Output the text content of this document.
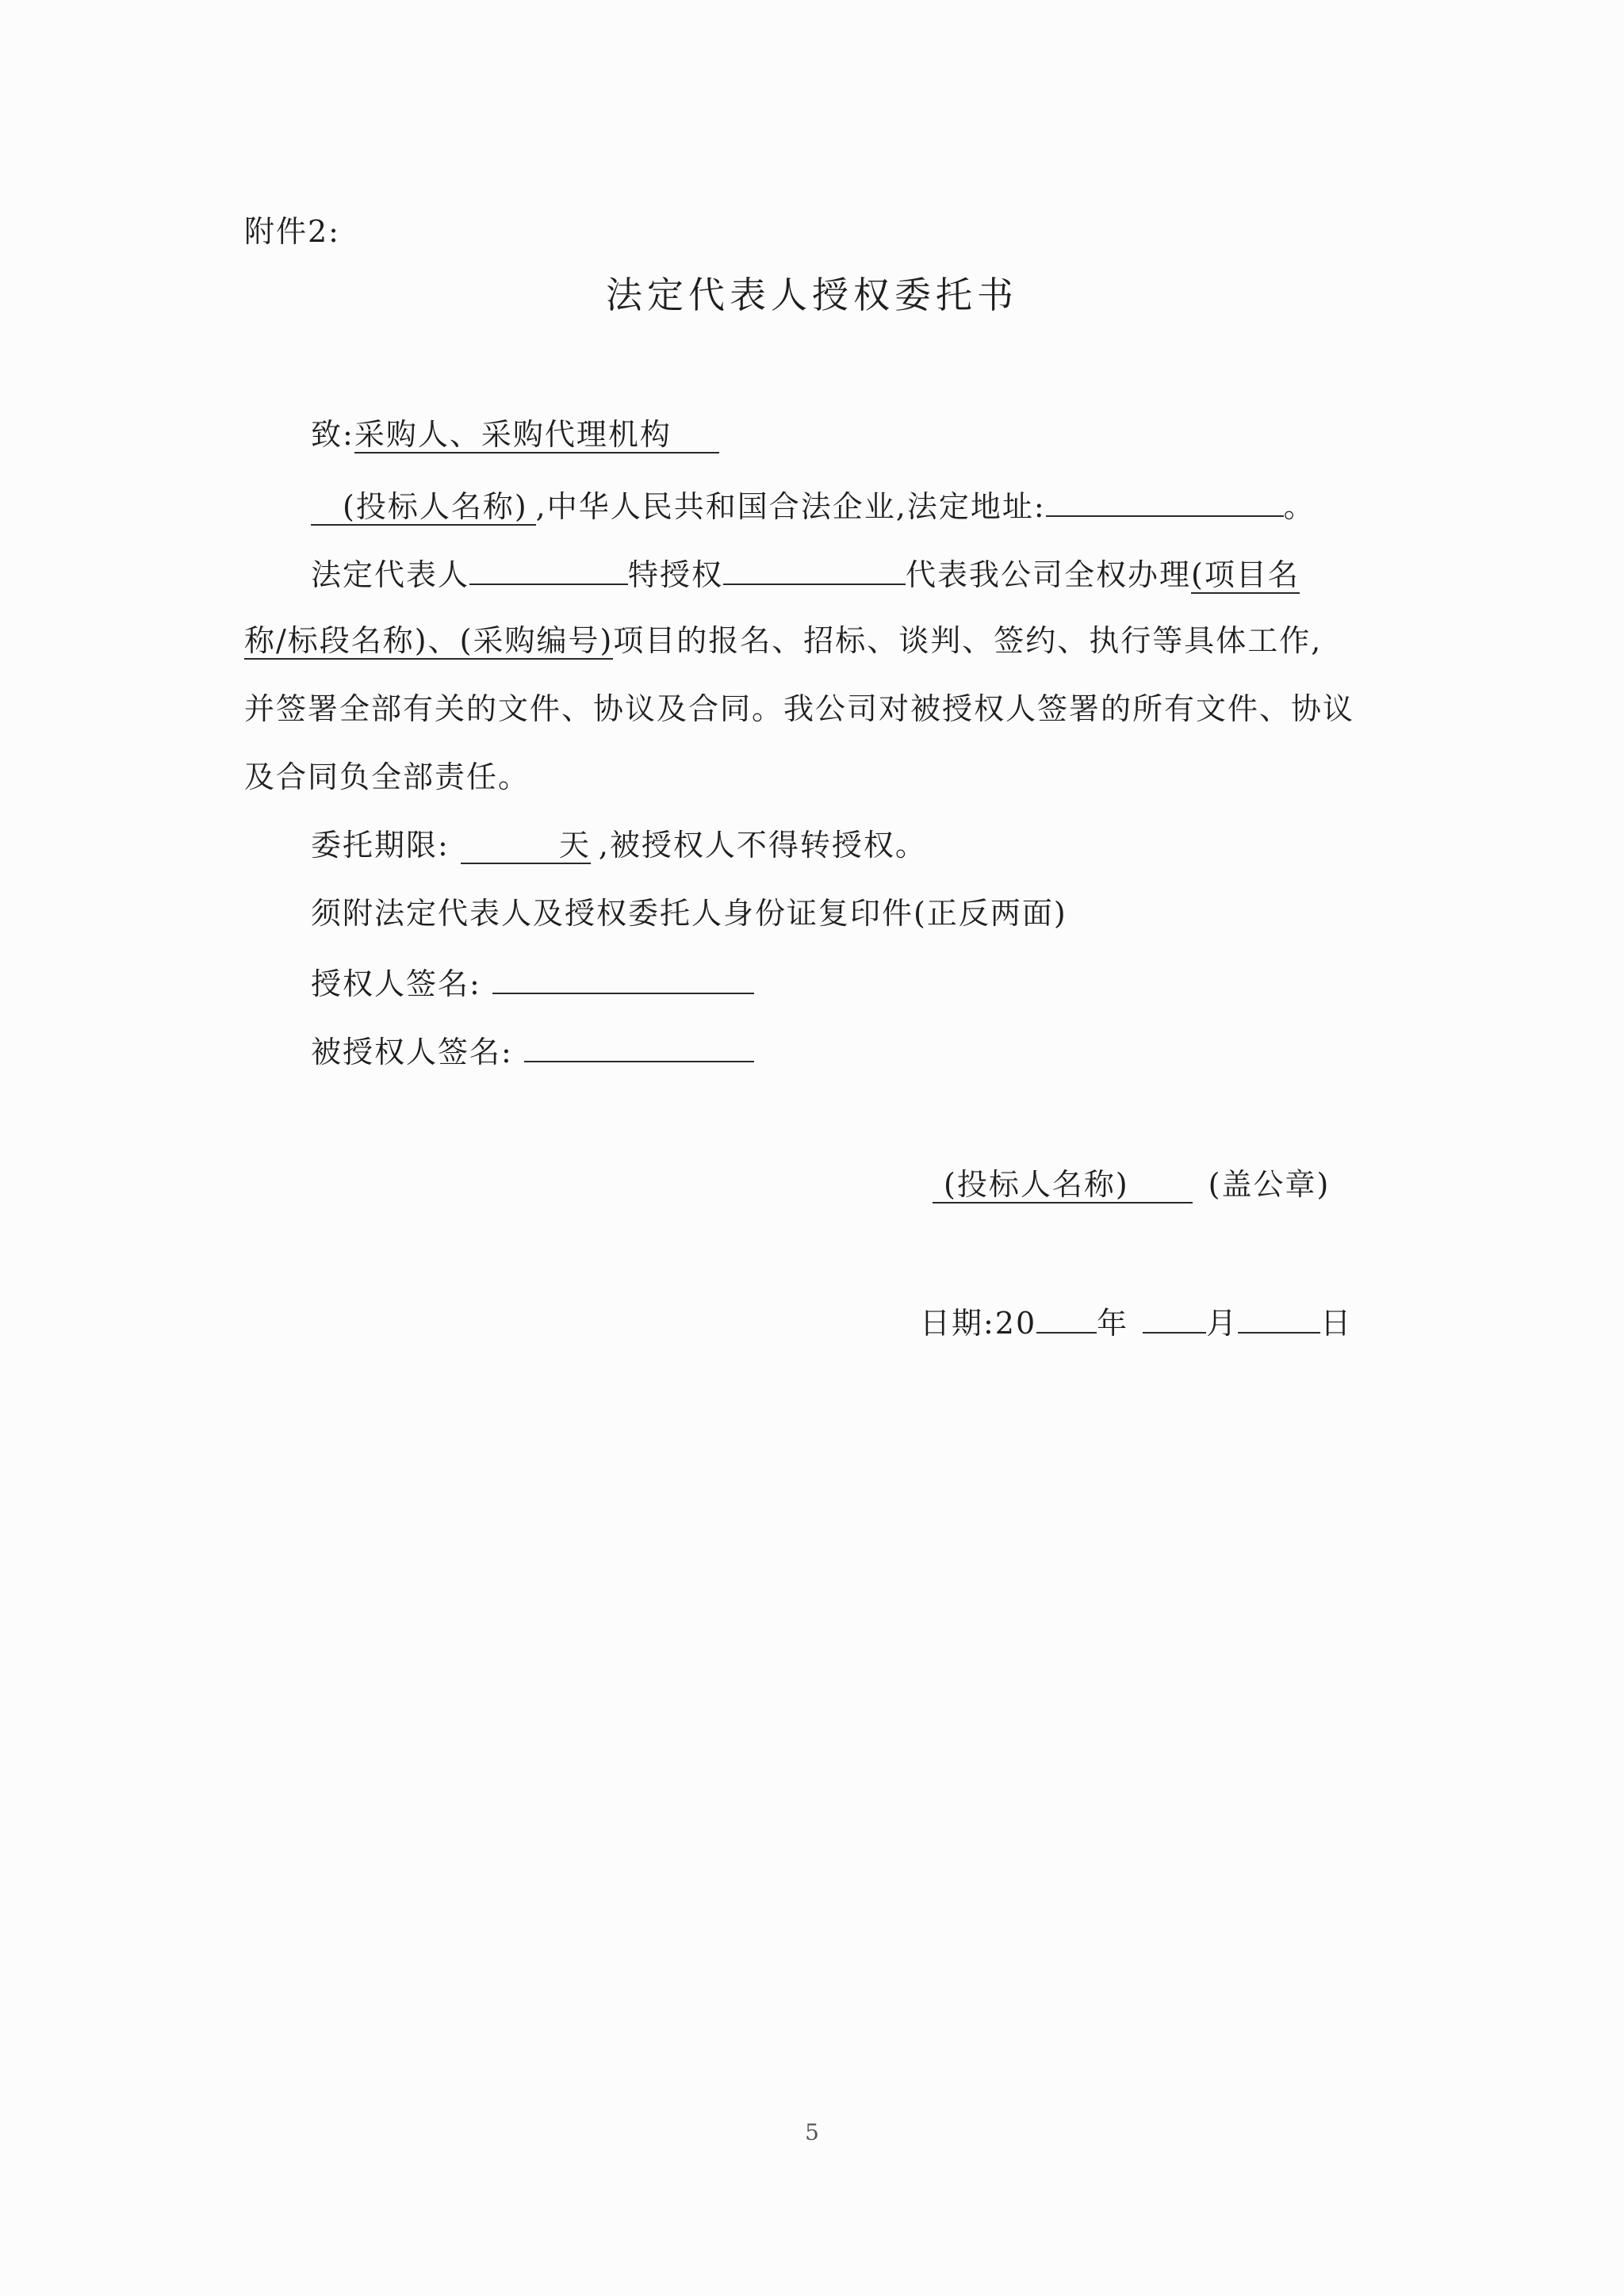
附件2:
法定代表人授权委托书
致:采购人、采购代理机构
(投标人名称) ,中华人民共和国合法企业,法定地址:	。
法定代表人	特授权	代表我公司全权办理(项目名
称/标段名称)、(采购编号)项目的报名、招标、谈判、签约、执行等具体工作,
并签署全部有关的文件、协议及合同。我公司对被授权人签署的所有文件、协议
及合同负全部责任。
委托期限:	天 ,被授权人不得转授权。
须附法定代表人及授权委托人身份证复印件(正反两面)
授权人签名:
被授权人签名:
(投标人名称)	(盖公章)
日期:20 年	月	日
5
